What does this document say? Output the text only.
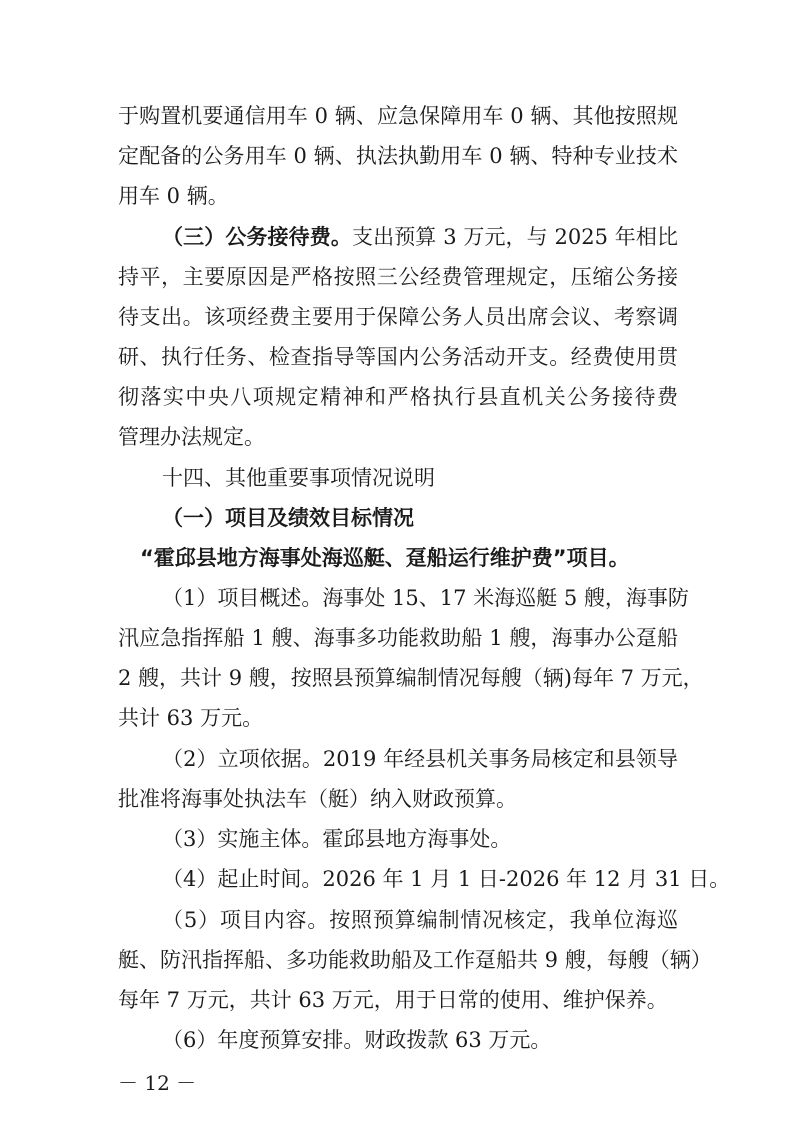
于购置机要通信用车 0 辆、应急保障用车 0 辆、其他按照规
定配备的公务用车 0 辆、执法执勤用车 0 辆、特种专业技术
用车 0 辆。
（三）公务接待费。支出预算 3 万元，与 2025 年相比
持平，主要原因是严格按照三公经费管理规定，压缩公务接
待支出。该项经费主要用于保障公务人员出席会议、考察调
研、执行任务、检查指导等国内公务活动开支。经费使用贯
彻落实中央八项规定精神和严格执行县直机关公务接待费
管理办法规定。
十四、其他重要事项情况说明
（一）项目及绩效目标情况
“霍邱县地方海事处海巡艇、趸船运行维护费”项目。
（1）项目概述。海事处 15、17 米海巡艇 5 艘，海事防
汛应急指挥船 1 艘、海事多功能救助船 1 艘，海事办公趸船
2 艘，共计 9 艘，按照县预算编制情况每艘（辆)每年 7 万元，
共计 63 万元。
（2）立项依据。2019 年经县机关事务局核定和县领导
批准将海事处执法车（艇）纳入财政预算。
（3）实施主体。霍邱县地方海事处。
（4）起止时间。2026 年 1 月 1 日-2026 年 12 月 31 日。
（5）项目内容。按照预算编制情况核定，我单位海巡
艇、防汛指挥船、多功能救助船及工作趸船共 9 艘，每艘（辆）
每年 7 万元，共计 63 万元，用于日常的使用、维护保养。
（6）年度预算安排。财政拨款 63 万元。
－ 12 －
